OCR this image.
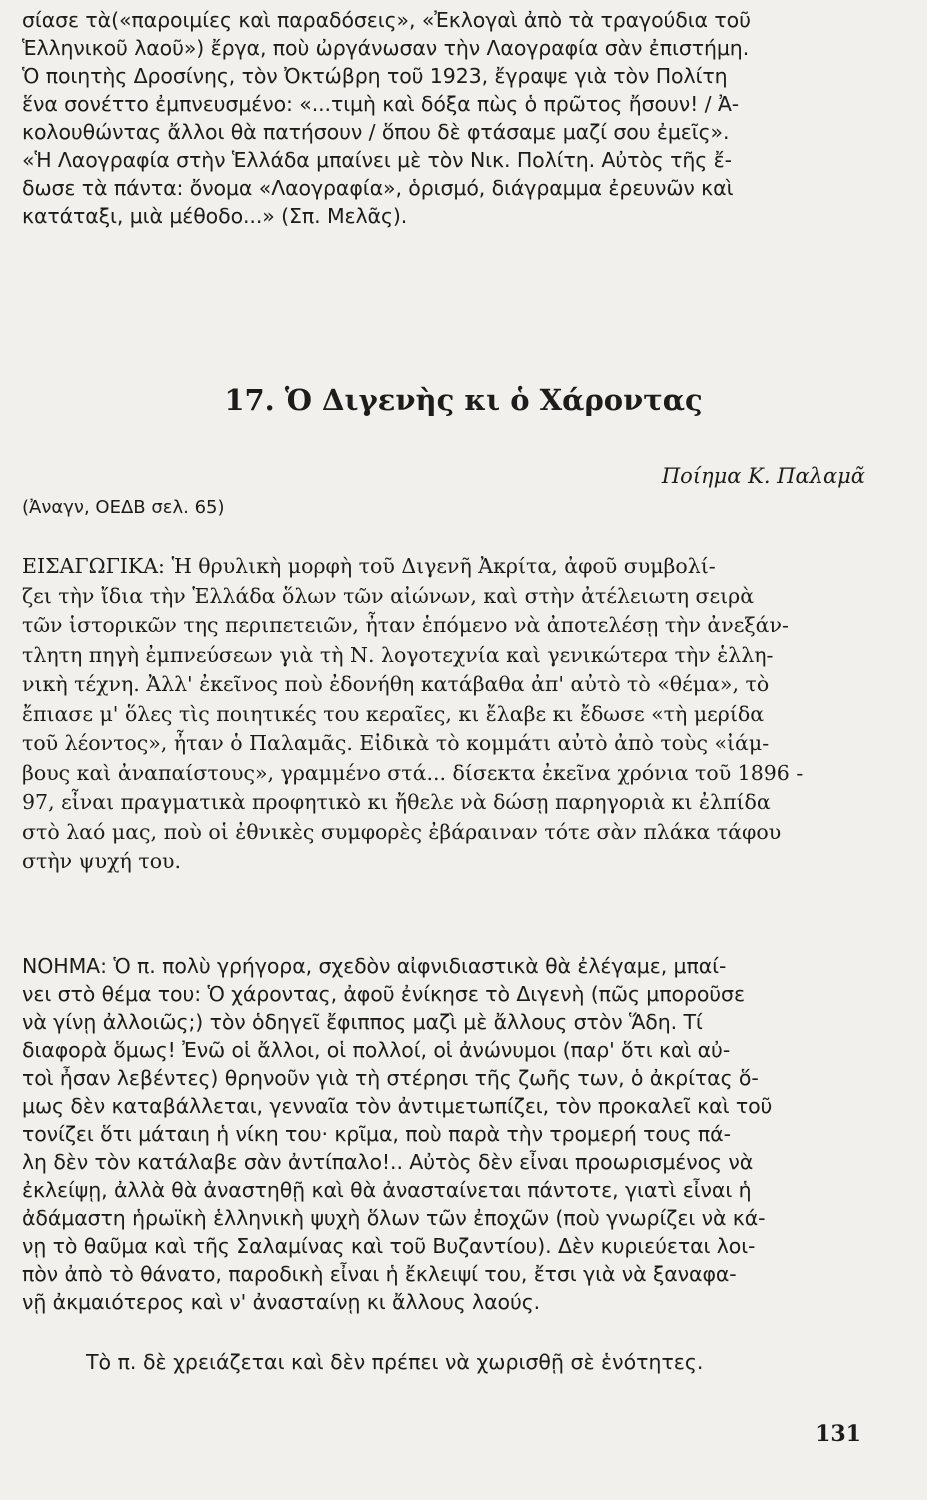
σίασε τὰ(«παροιμίες καὶ παραδόσεις», «Ἐκλογαὶ ἀπὸ τὰ τραγούδια τοῦ
Ἑλληνικοῦ λαοῦ») ἔργα, ποὺ ὠργάνωσαν τὴν Λαογραφία σὰν ἐπιστήμη.
Ὁ ποιητὴς Δροσίνης, τὸν Ὀκτώβρη τοῦ 1923, ἔγραψε γιὰ τὸν Πολίτη
ἕνα σονέττο ἐμπνευσμένο: «...τιμὴ καὶ δόξα πὼς ὁ πρῶτος ἤσουν! / Ἀ-
κολουθώντας ἄλλοι θὰ πατήσουν / ὅπου δὲ φτάσαμε μαζί σου ἐμεῖς».
«Ἡ Λαογραφία στὴν Ἑλλάδα μπαίνει μὲ τὸν Νικ. Πολίτη. Αὐτὸς τῆς ἔ-
δωσε τὰ πάντα: ὄνομα «Λαογραφία», ὁρισμό, διάγραμμα ἐρευνῶν καὶ
κατάταξι, μιὰ μέθοδο...» (Σπ. Μελᾶς).
17. Ὁ Διγενὴς κι ὁ Χάροντας
Ποίημα Κ. Παλαμᾶ
(Ἀναγν, ΟΕΔΒ σελ. 65)
ΕΙΣΑΓΩΓΙΚΑ: Ἡ θρυλικὴ μορφὴ τοῦ Διγενῆ Ἀκρίτα, ἀφοῦ συμβολί-
ζει τὴν ἴδια τὴν Ἑλλάδα ὅλων τῶν αἰώνων, καὶ στὴν ἀτέλειωτη σειρὰ
τῶν ἱστορικῶν της περιπετειῶν, ἦταν ἑπόμενο νὰ ἀποτελέσῃ τὴν ἀνεξάν-
τλητη πηγὴ ἐμπνεύσεων γιὰ τὴ Ν. λογοτεχνία καὶ γενικώτερα τὴν ἑλλη-
νικὴ τέχνη. Ἀλλ' ἐκεῖνος ποὺ ἐδονήθη κατάβαθα ἀπ' αὐτὸ τὸ «θέμα», τὸ
ἔπιασε μ' ὅλες τὶς ποιητικές του κεραῖες, κι ἔλαβε κι ἔδωσε «τὴ μερίδα
τοῦ λέοντος», ἦταν ὁ Παλαμᾶς. Εἰδικὰ τὸ κομμάτι αὐτὸ ἀπὸ τοὺς «ἰάμ-
βους καὶ ἀναπαίστους», γραμμένο στά... δίσεκτα ἐκεῖνα χρόνια τοῦ 1896 -
97, εἶναι πραγματικὰ προφητικὸ κι ἤθελε νὰ δώσῃ παρηγοριὰ κι ἐλπίδα
στὸ λαό μας, ποὺ οἱ ἐθνικὲς συμφορὲς ἐβάραιναν τότε σὰν πλάκα τάφου
στὴν ψυχή του.
ΝΟΗΜΑ: Ὁ π. πολὺ γρήγορα, σχεδὸν αἰφνιδιαστικὰ θὰ ἐλέγαμε, μπαί-
νει στὸ θέμα του: Ὁ χάροντας, ἀφοῦ ἐνίκησε τὸ Διγενὴ (πῶς μποροῦσε
νὰ γίνῃ ἀλλοιῶς;) τὸν ὁδηγεῖ ἔφιππος μαζὶ μὲ ἄλλους στὸν Ἅδη. Τί
διαφορὰ ὅμως! Ἐνῶ οἱ ἄλλοι, οἱ πολλοί, οἱ ἀνώνυμοι (παρ' ὅτι καὶ αὐ-
τοὶ ἦσαν λεβέντες) θρηνοῦν γιὰ τὴ στέρησι τῆς ζωῆς των, ὁ ἀκρίτας ὅ-
μως δὲν καταβάλλεται, γενναῖα τὸν ἀντιμετωπίζει, τὸν προκαλεῖ καὶ τοῦ
τονίζει ὅτι μάταιη ἡ νίκη του· κρῖμα, ποὺ παρὰ τὴν τρομερή τους πά-
λη δὲν τὸν κατάλαβε σὰν ἀντίπαλο!.. Αὐτὸς δὲν εἶναι προωρισμένος νὰ
ἐκλείψῃ, ἀλλὰ θὰ ἀναστηθῇ καὶ θὰ ἀνασταίνεται πάντοτε, γιατὶ εἶναι ἡ
ἀδάμαστη ἡρωϊκὴ ἑλληνικὴ ψυχὴ ὅλων τῶν ἐποχῶν (ποὺ γνωρίζει νὰ κά-
νῃ τὸ θαῦμα καὶ τῆς Σαλαμίνας καὶ τοῦ Βυζαντίου). Δὲν κυριεύεται λοι-
πὸν ἀπὸ τὸ θάνατο, παροδικὴ εἶναι ἡ ἔκλειψί του, ἔτσι γιὰ νὰ ξαναφα-
νῇ ἀκμαιότερος καὶ ν' ἀνασταίνῃ κι ἄλλους λαούς.
Τὸ π. δὲ χρειάζεται καὶ δὲν πρέπει νὰ χωρισθῇ σὲ ἑνότητες.
131
